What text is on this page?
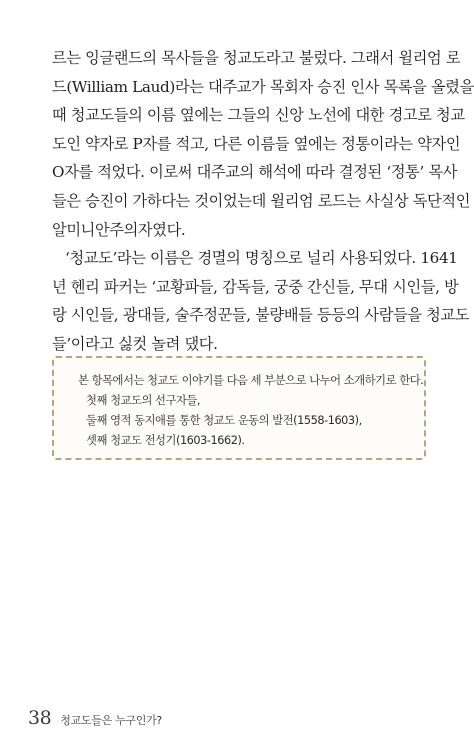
르는 잉글랜드의 목사들을 청교도라고 불렀다. 그래서 윌리엄 로
드(William Laud)라는 대주교가 목회자 승진 인사 목록을 올렸을
때 청교도들의 이름 옆에는 그들의 신앙 노선에 대한 경고로 청교
도인 약자로 P자를 적고, 다른 이름들 옆에는 정통이라는 약자인
O자를 적었다. 이로써 대주교의 해석에 따라 결정된 ‘정통’ 목사
들은 승진이 가하다는 것이었는데 윌리엄 로드는 사실상 독단적인
알미니안주의자였다.
‘청교도’라는 이름은 경멸의 명칭으로 널리 사용되었다. 1641
년 헨리 파커는 ‘교황파들, 감독들, 궁중 간신들, 무대 시인들, 방
랑 시인들, 광대들, 술주정꾼들, 불량배들 등등의 사람들을 청교도
들’이라고 싫컷 놀려 댔다.
본 항목에서는 청교도 이야기를 다음 세 부분으로 나누어 소개하기로 한다.
첫째 청교도의 선구자들,
둘째 영적 동지애를 통한 청교도 운동의 발전(1558-1603),
셋째 청교도 전성기(1603-1662).
38 청교도들은 누구인가?
